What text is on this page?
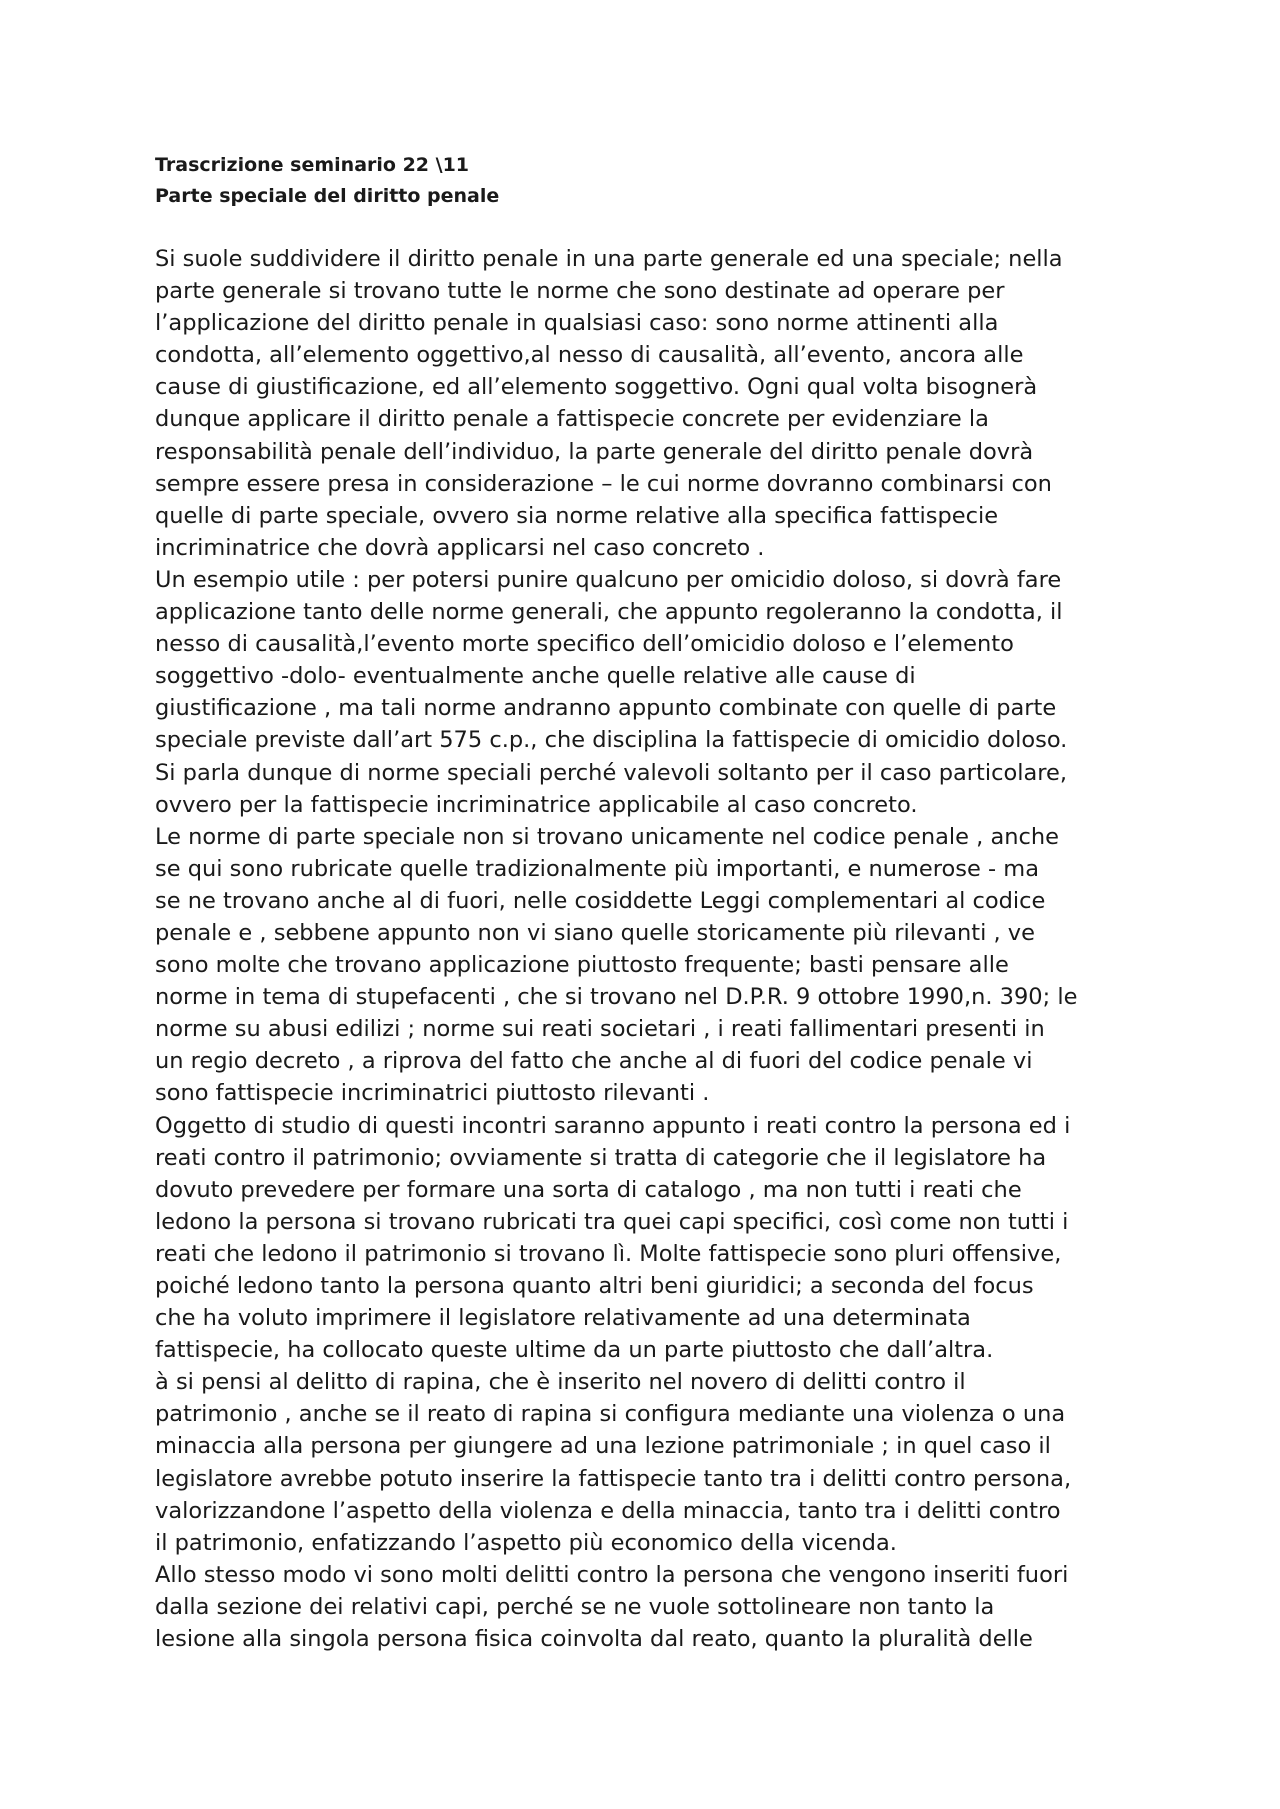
Trascrizione seminario 22 \11
Parte speciale del diritto penale
Si suole suddividere il diritto penale in una parte generale ed una speciale; nella
parte generale si trovano tutte le norme che sono destinate ad operare per
l’applicazione del diritto penale in qualsiasi caso: sono norme attinenti alla
condotta, all’elemento oggettivo,al nesso di causalità, all’evento, ancora alle
cause di giustificazione, ed all’elemento soggettivo. Ogni qual volta bisognerà
dunque applicare il diritto penale a fattispecie concrete per evidenziare la
responsabilità penale dell’individuo, la parte generale del diritto penale dovrà
sempre essere presa in considerazione – le cui norme dovranno combinarsi con
quelle di parte speciale, ovvero sia norme relative alla specifica fattispecie
incriminatrice che dovrà applicarsi nel caso concreto .
Un esempio utile : per potersi punire qualcuno per omicidio doloso, si dovrà fare
applicazione tanto delle norme generali, che appunto regoleranno la condotta, il
nesso di causalità,l’evento morte specifico dell’omicidio doloso e l’elemento
soggettivo -dolo- eventualmente anche quelle relative alle cause di
giustificazione , ma tali norme andranno appunto combinate con quelle di parte
speciale previste dall’art 575 c.p., che disciplina la fattispecie di omicidio doloso.
Si parla dunque di norme speciali perché valevoli soltanto per il caso particolare,
ovvero per la fattispecie incriminatrice applicabile al caso concreto.
Le norme di parte speciale non si trovano unicamente nel codice penale , anche
se qui sono rubricate quelle tradizionalmente più importanti, e numerose - ma
se ne trovano anche al di fuori, nelle cosiddette Leggi complementari al codice
penale e , sebbene appunto non vi siano quelle storicamente più rilevanti , ve
sono molte che trovano applicazione piuttosto frequente; basti pensare alle
norme in tema di stupefacenti , che si trovano nel D.P.R. 9 ottobre 1990,n. 390; le
norme su abusi edilizi ; norme sui reati societari , i reati fallimentari presenti in
un regio decreto , a riprova del fatto che anche al di fuori del codice penale vi
sono fattispecie incriminatrici piuttosto rilevanti .
Oggetto di studio di questi incontri saranno appunto i reati contro la persona ed i
reati contro il patrimonio; ovviamente si tratta di categorie che il legislatore ha
dovuto prevedere per formare una sorta di catalogo , ma non tutti i reati che
ledono la persona si trovano rubricati tra quei capi specifici, così come non tutti i
reati che ledono il patrimonio si trovano lì. Molte fattispecie sono pluri offensive,
poiché ledono tanto la persona quanto altri beni giuridici; a seconda del focus
che ha voluto imprimere il legislatore relativamente ad una determinata
fattispecie, ha collocato queste ultime da un parte piuttosto che dall’altra.
à si pensi al delitto di rapina, che è inserito nel novero di delitti contro il
patrimonio , anche se il reato di rapina si configura mediante una violenza o una
minaccia alla persona per giungere ad una lezione patrimoniale ; in quel caso il
legislatore avrebbe potuto inserire la fattispecie tanto tra i delitti contro persona,
valorizzandone l’aspetto della violenza e della minaccia, tanto tra i delitti contro
il patrimonio, enfatizzando l’aspetto più economico della vicenda.
Allo stesso modo vi sono molti delitti contro la persona che vengono inseriti fuori
dalla sezione dei relativi capi, perché se ne vuole sottolineare non tanto la
lesione alla singola persona fisica coinvolta dal reato, quanto la pluralità delle
